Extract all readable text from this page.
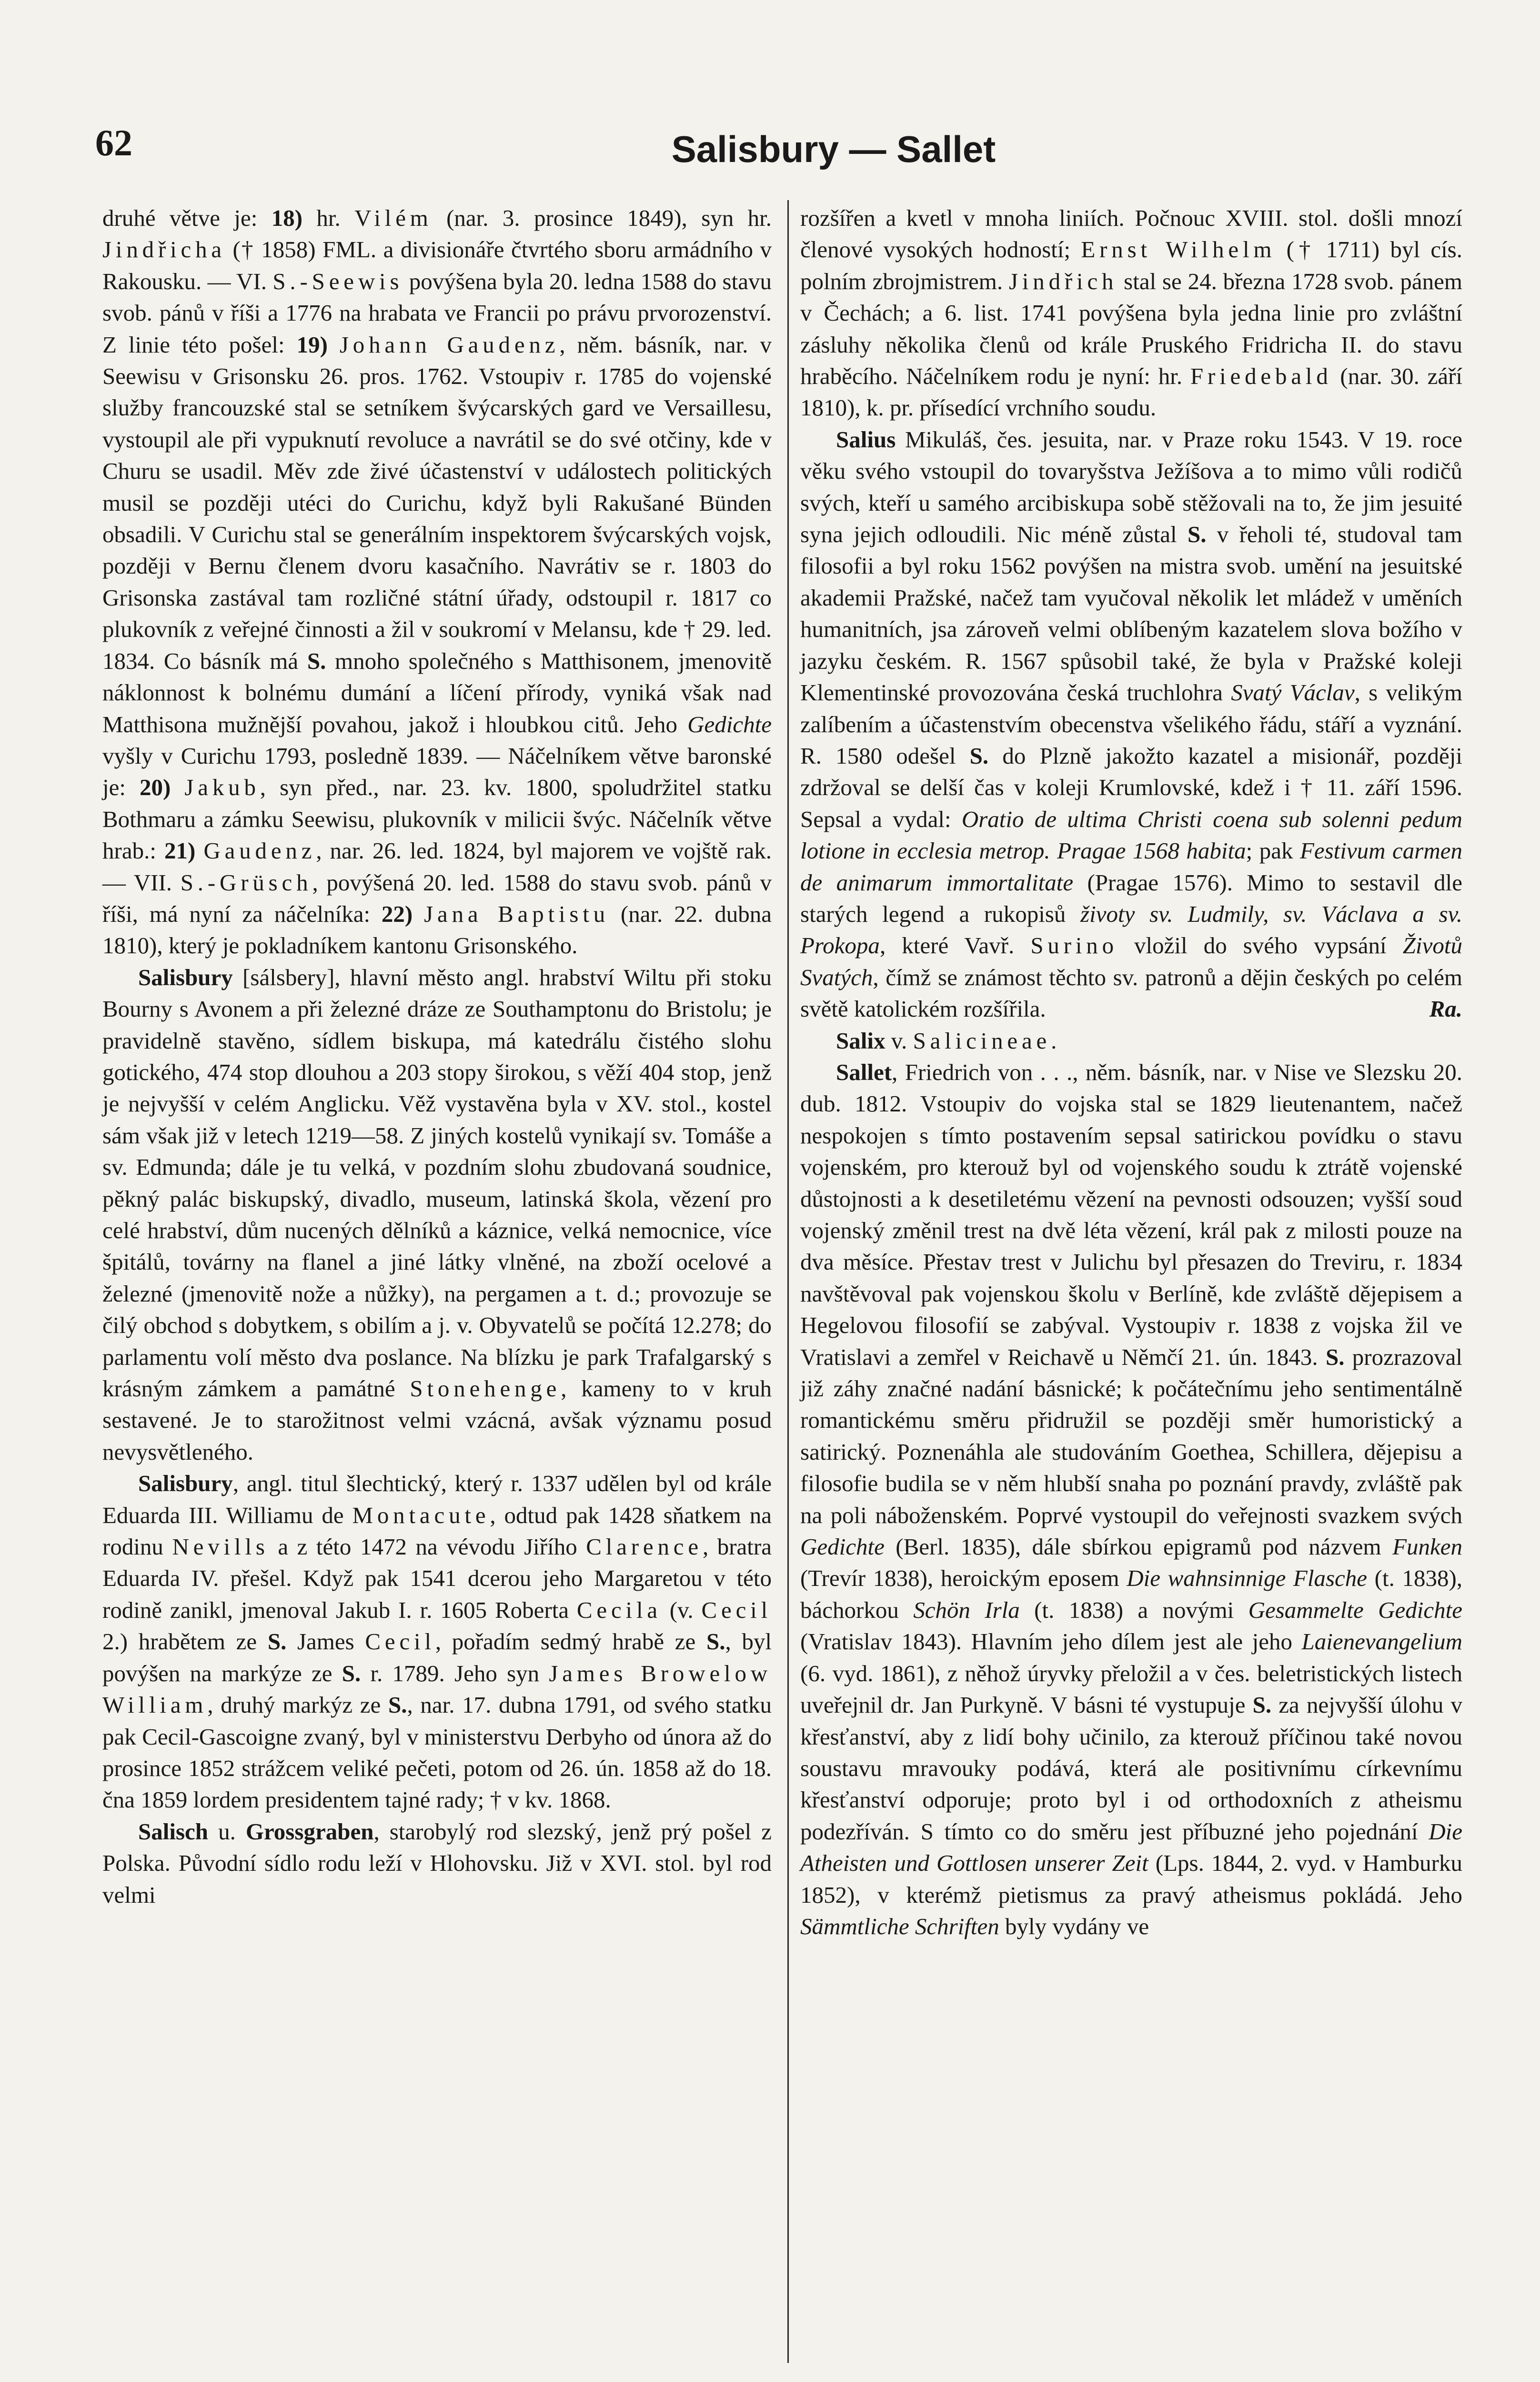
62	Salisbury — Sallet

druhé větve je: 18) hr. Vilém (nar. 3. prosince 1849), syn hr. Jindřicha († 1858) FML. a divisionáře čtvrtého sboru armádního v Rakousku. — VI. S.-Seewis povýšena byla 20. ledna 1588 do stavu svob. pánů v říši a 1776 na hrabata ve Francii po právu prvorozenství. Z linie této pošel: 19) Johann Gaudenz, něm. básník, nar. v Seewisu v Grisonsku 26. pros. 1762. Vstoupiv r. 1785 do vojenské služby francouzské stal se setníkem švýcarských gard ve Versaillesu, vystoupil ale při vypuknutí revoluce a navrátil se do své otčiny, kde v Churu se usadil. Měv zde živé účastenství v událostech politických musil se později utéci do Curichu, když byli Rakušané Bünden obsadili. V Curichu stal se generálním inspektorem švýcarských vojsk, později v Bernu členem dvoru kasačního. Navrátiv se r. 1803 do Grisonska zastával tam rozličné státní úřady, odstoupil r. 1817 co plukovník z veřejné činnosti a žil v soukromí v Melansu, kde † 29. led. 1834. Co básník má S. mnoho společného s Matthisonem, jmenovitě náklonnost k bolnému dumání a líčení přírody, vyniká však nad Matthisona mužnější povahou, jakož i hloubkou citů. Jeho Gedichte vyšly v Curichu 1793, posledně 1839. — Náčelníkem větve baronské je: 20) Jakub, syn před., nar. 23. kv. 1800, spoludržitel statku Bothmaru a zámku Seewisu, plukovník v milicii švýc. Náčelník větve hrab.: 21) Gaudenz, nar. 26. led. 1824, byl majorem ve vojště rak. — VII. S.-Grüsch, povýšená 20. led. 1588 do stavu svob. pánů v říši, má nyní za náčelníka: 22) Jana Baptistu (nar. 22. dubna 1810), který je pokladníkem kantonu Grisonského.

Salisbury [sálsbery], hlavní město angl. hrabství Wiltu při stoku Bourny s Avonem a při železné dráze ze Southamptonu do Bristolu; je pravidelně stavěno, sídlem biskupa, má katedrálu čistého slohu gotického, 474 stop dlouhou a 203 stopy širokou, s věží 404 stop, jenž je nejvyšší v celém Anglicku. Věž vystavěna byla v XV. stol., kostel sám však již v letech 1219—58. Z jiných kostelů vynikají sv. Tomáše a sv. Edmunda; dále je tu velká, v pozdním slohu zbudovaná soudnice, pěkný palác biskupský, divadlo, museum, latinská škola, vězení pro celé hrabství, dům nucených dělníků a káznice, velká nemocnice, více špitálů, továrny na flanel a jiné látky vlněné, na zboží ocelové a železné (jmenovitě nože a nůžky), na pergamen a t. d.; provozuje se čilý obchod s dobytkem, s obilím a j. v. Obyvatelů se počítá 12.278; do parlamentu volí město dva poslance. Na blízku je park Trafalgarský s krásným zámkem a památné Stonehenge, kameny to v kruh sestavené. Je to starožitnost velmi vzácná, avšak významu posud nevysvětleného.

Salisbury, angl. titul šlechtický, který r. 1337 udělen byl od krále Eduarda III. Williamu de Montacute, odtud pak 1428 sňatkem na rodinu Nevills a z této 1472 na vévodu Jiřího Clarence, bratra Eduarda IV. přešel. Když pak 1541 dcerou jeho Margaretou v této rodině zanikl, jmenoval Jakub I. r. 1605 Roberta Cecila (v. Cecil 2.) hrabětem ze S. James Cecil, pořadím sedmý hrabě ze S., byl povýšen na markýze ze S. r. 1789. Jeho syn James Browelow William, druhý markýz ze S., nar. 17. dubna 1791, od svého statku pak Cecil-Gascoigne zvaný, byl v ministerstvu Derbyho od února až do prosince 1852 strážcem veliké pečeti, potom od 26. ún. 1858 až do 18. čna 1859 lordem presidentem tajné rady; † v kv. 1868.

Salisch u. Grossgraben, starobylý rod slezský, jenž prý pošel z Polska. Původní sídlo rodu leží v Hlohovsku. Již v XVI. stol. byl rod velmi

rozšířen a kvetl v mnoha liniích. Počnouc XVIII. stol. došli mnozí členové vysokých hodností; Ernst Wilhelm († 1711) byl cís. polním zbrojmistrem. Jindřich stal se 24. března 1728 svob. pánem v Čechách; a 6. list. 1741 povýšena byla jedna linie pro zvláštní zásluhy několika členů od krále Pruského Fridricha II. do stavu hraběcího. Náčelníkem rodu je nyní: hr. Friedebald (nar. 30. září 1810), k. pr. přísedící vrchního soudu.

Salius Mikuláš, čes. jesuita, nar. v Praze roku 1543. V 19. roce věku svého vstoupil do tovaryšstva Ježíšova a to mimo vůli rodičů svých, kteří u samého arcibiskupa sobě stěžovali na to, že jim jesuité syna jejich odloudili. Nic méně zůstal S. v řeholi té, studoval tam filosofii a byl roku 1562 povýšen na mistra svob. umění na jesuitské akademii Pražské, načež tam vyučoval několik let mládež v uměních humanitních, jsa zároveň velmi oblíbeným kazatelem slova božího v jazyku českém. R. 1567 spůsobil také, že byla v Pražské koleji Klementinské provozována česká truchlohra Svatý Václav, s velikým zalíbením a účastenstvím obecenstva všelikého řádu, stáří a vyznání. R. 1580 odešel S. do Plzně jakožto kazatel a misionář, později zdržoval se delší čas v koleji Krumlovské, kdež i † 11. září 1596. Sepsal a vydal: Oratio de ultima Christi coena sub solenni pedum lotione in ecclesia metrop. Pragae 1568 habita; pak Festivum carmen de animarum immortalitate (Pragae 1576). Mimo to sestavil dle starých legend a rukopisů životy sv. Ludmily, sv. Václava a sv. Prokopa, které Vavř. Surino vložil do svého vypsání Životů Svatých, čímž se známost těchto sv. patronů a dějin českých po celém světě katolickém rozšířila.	Ra.

Salix v. Salicineae.

Sallet, Friedrich von . . ., něm. básník, nar. v Nise ve Slezsku 20. dub. 1812. Vstoupiv do vojska stal se 1829 lieutenantem, načež nespokojen s tímto postavením sepsal satirickou povídku o stavu vojenském, pro kterouž byl od vojenského soudu k ztrátě vojenské důstojnosti a k desetiletému vězení na pevnosti odsouzen; vyšší soud vojenský změnil trest na dvě léta vězení, král pak z milosti pouze na dva měsíce. Přestav trest v Julichu byl přesazen do Treviru, r. 1834 navštěvoval pak vojenskou školu v Berlíně, kde zvláště dějepisem a Hegelovou filosofií se zabýval. Vystoupiv r. 1838 z vojska žil ve Vratislavi a zemřel v Reichavě u Němčí 21. ún. 1843. S. prozrazoval již záhy značné nadání básnické; k počátečnímu jeho sentimentálně romantickému směru přidružil se později směr humoristický a satirický. Poznenáhla ale studováním Goethea, Schillera, dějepisu a filosofie budila se v něm hlubší snaha po poznání pravdy, zvláště pak na poli náboženském. Poprvé vystoupil do veřejnosti svazkem svých Gedichte (Berl. 1835), dále sbírkou epigramů pod názvem Funken (Trevír 1838), heroickým eposem Die wahnsinnige Flasche (t. 1838), báchorkou Schön Irla (t. 1838) a novými Gesammelte Gedichte (Vratislav 1843). Hlavním jeho dílem jest ale jeho Laienevangelium (6. vyd. 1861), z něhož úryvky přeložil a v čes. beletristických listech uveřejnil dr. Jan Purkyně. V básni té vystupuje S. za nejvyšší úlohu v křesťanství, aby z lidí bohy učinilo, za kterouž příčinou také novou soustavu mravouky podává, která ale positivnímu církevnímu křesťanství odporuje; proto byl i od orthodoxních z atheismu podezříván. S tímto co do směru jest příbuzné jeho pojednání Die Atheisten und Gottlosen unserer Zeit (Lps. 1844, 2. vyd. v Hamburku 1852), v kterémž pietismus za pravý atheismus pokládá. Jeho Sämmtliche Schriften byly vydány ve
